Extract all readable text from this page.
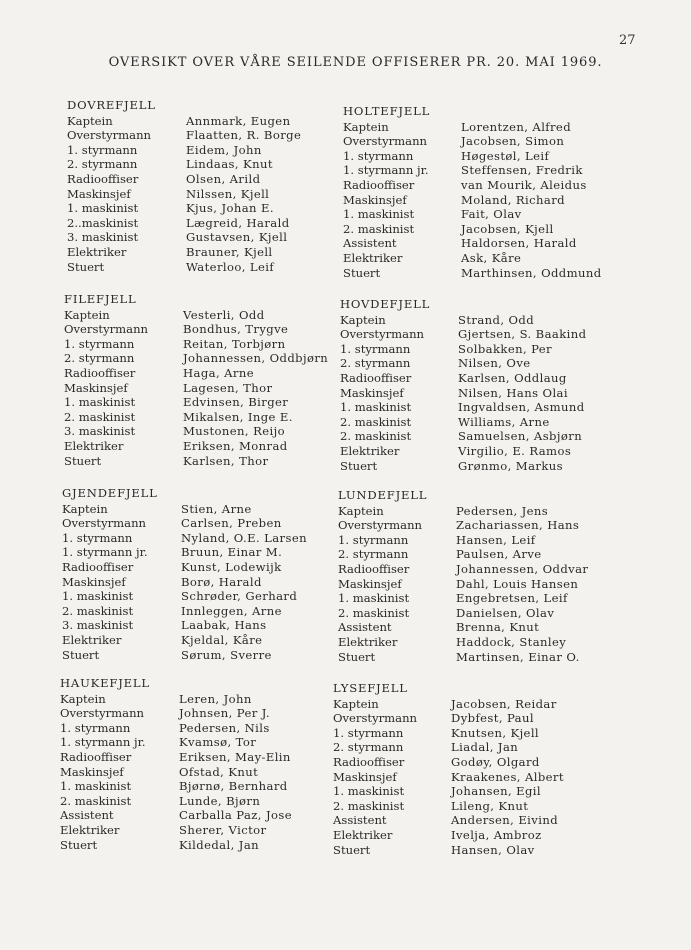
27
OVERSIKT OVER VÅRE SEILENDE OFFISERER PR. 20. MAI 1969.
DOVREFJELL
Kaptein	Annmark, Eugen
Overstyrmann	Flaatten, R. Borge
1. styrmann	Eidem, John
2. styrmann	Lindaas, Knut
Radiooffiser	Olsen, Arild
Maskinsjef	Nilssen, Kjell
1. maskinist	Kjus, Johan E.
2..maskinist	Lægreid, Harald
3. maskinist	Gustavsen, Kjell
Elektriker	Brauner, Kjell
Stuert	Waterloo, Leif
HOLTEFJELL
Kaptein	Lorentzen, Alfred
Overstyrmann	Jacobsen, Simon
1. styrmann	Høgestøl, Leif
1. styrmann jr.	Steffensen, Fredrik
Radiooffiser	van Mourik, Aleidus
Maskinsjef	Moland, Richard
1. maskinist	Fait, Olav
2. maskinist	Jacobsen, Kjell
Assistent	Haldorsen, Harald
Elektriker	Ask, Kåre
Stuert	Marthinsen, Oddmund
FILEFJELL
Kaptein	Vesterli, Odd
Overstyrmann	Bondhus, Trygve
1. styrmann	Reitan, Torbjørn
2. styrmann	Johannessen, Oddbjørn
Radiooffiser	Haga, Arne
Maskinsjef	Lagesen, Thor
1. maskinist	Edvinsen, Birger
2. maskinist	Mikalsen, Inge E.
3. maskinist	Mustonen, Reijo
Elektriker	Eriksen, Monrad
Stuert	Karlsen, Thor
HOVDEFJELL
Kaptein	Strand, Odd
Overstyrmann	Gjertsen, S. Baakind
1. styrmann	Solbakken, Per
2. styrmann	Nilsen, Ove
Radiooffiser	Karlsen, Oddlaug
Maskinsjef	Nilsen, Hans Olai
1. maskinist	Ingvaldsen, Asmund
2. maskinist	Williams, Arne
2. maskinist	Samuelsen, Asbjørn
Elektriker	Virgilio, E. Ramos
Stuert	Grønmo, Markus
GJENDEFJELL
Kaptein	Stien, Arne
Overstyrmann	Carlsen, Preben
1. styrmann	Nyland, O.E. Larsen
1. styrmann jr.	Bruun, Einar M.
Radiooffiser	Kunst, Lodewijk
Maskinsjef	Borø, Harald
1. maskinist	Schrøder, Gerhard
2. maskinist	Innleggen, Arne
3. maskinist	Laabak, Hans
Elektriker	Kjeldal, Kåre
Stuert	Sørum, Sverre
LUNDEFJELL
Kaptein	Pedersen, Jens
Overstyrmann	Zachariassen, Hans
1. styrmann	Hansen, Leif
2. styrmann	Paulsen, Arve
Radiooffiser	Johannessen, Oddvar
Maskinsjef	Dahl, Louis Hansen
1. maskinist	Engebretsen, Leif
2. maskinist	Danielsen, Olav
Assistent	Brenna, Knut
Elektriker	Haddock, Stanley
Stuert	Martinsen, Einar O.
HAUKEFJELL
Kaptein	Leren, John
Overstyrmann	Johnsen, Per J.
1. styrmann	Pedersen, Nils
1. styrmann jr.	Kvamsø, Tor
Radiooffiser	Eriksen, May-Elin
Maskinsjef	Ofstad, Knut
1. maskinist	Bjørnø, Bernhard
2. maskinist	Lunde, Bjørn
Assistent	Carballa Paz, Jose
Elektriker	Sherer, Victor
Stuert	Kildedal, Jan
LYSEFJELL
Kaptein	Jacobsen, Reidar
Overstyrmann	Dybfest, Paul
1. styrmann	Knutsen, Kjell
2. styrmann	Liadal, Jan
Radiooffiser	Godøy, Olgard
Maskinsjef	Kraakenes, Albert
1. maskinist	Johansen, Egil
2. maskinist	Lileng, Knut
Assistent	Andersen, Eivind
Elektriker	Ivelja, Ambroz
Stuert	Hansen, Olav
